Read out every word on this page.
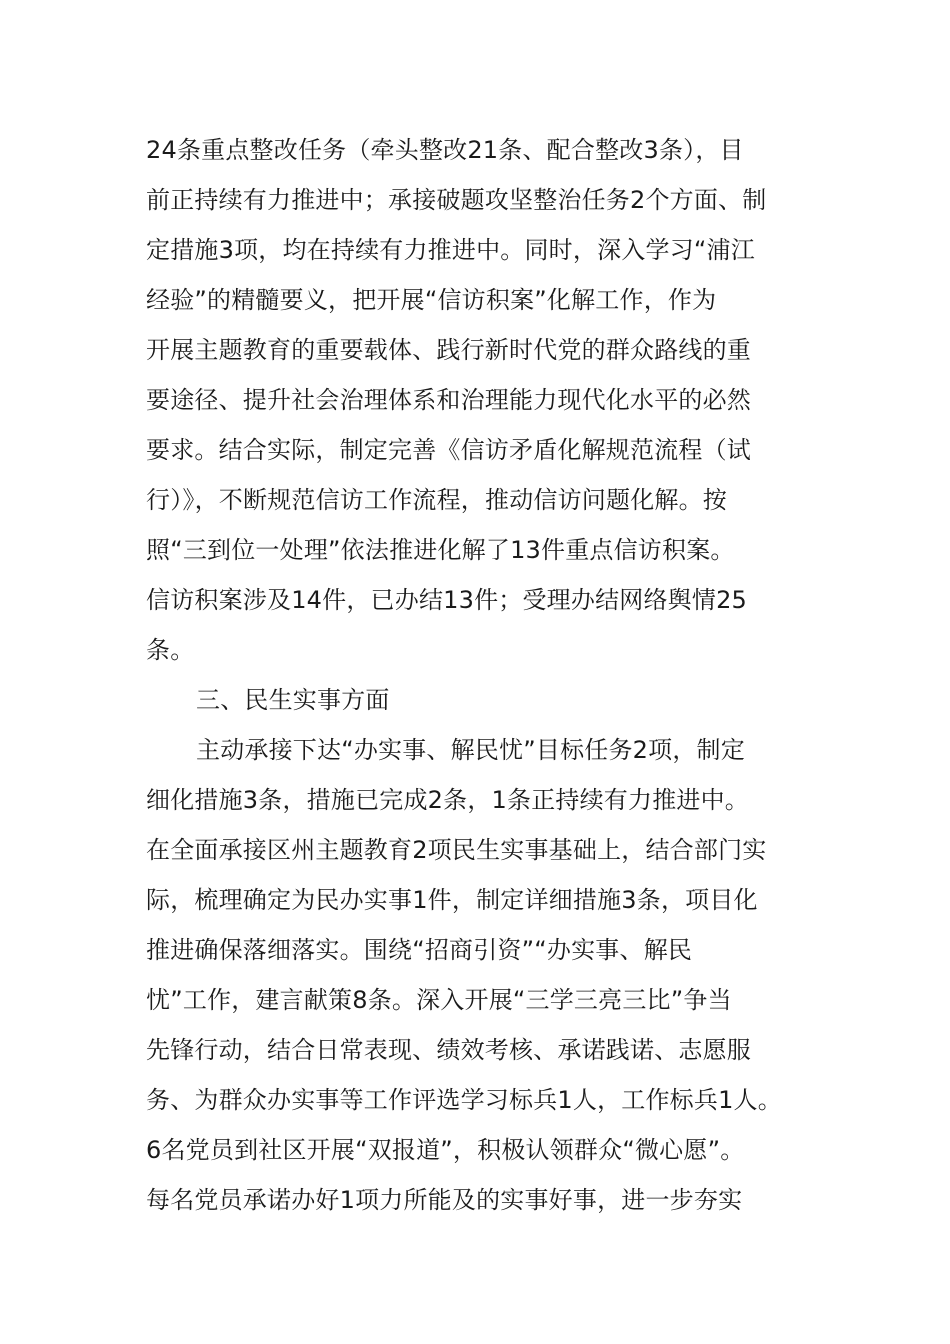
24条重点整改任务（牵头整改21条、配合整改3条），目
前正持续有力推进中；承接破题攻坚整治任务2个方面、制
定措施3项，均在持续有力推进中。同时，深入学习“浦江
经验”的精髓要义，把开展“信访积案”化解工作，作为
开展主题教育的重要载体、践行新时代党的群众路线的重
要途径、提升社会治理体系和治理能力现代化水平的必然
要求。结合实际，制定完善《信访矛盾化解规范流程（试
行）》，不断规范信访工作流程，推动信访问题化解。按
照“三到位一处理”依法推进化解了13件重点信访积案。
信访积案涉及14件，已办结13件；受理办结网络舆情25
条。
三、民生实事方面
主动承接下达“办实事、解民忧”目标任务2项，制定
细化措施3条，措施已完成2条，1条正持续有力推进中。
在全面承接区州主题教育2项民生实事基础上，结合部门实
际，梳理确定为民办实事1件，制定详细措施3条，项目化
推进确保落细落实。围绕“招商引资”“办实事、解民
忧”工作，建言献策8条。深入开展“三学三亮三比”争当
先锋行动，结合日常表现、绩效考核、承诺践诺、志愿服
务、为群众办实事等工作评选学习标兵1人，工作标兵1人。
6名党员到社区开展“双报道”，积极认领群众“微心愿”。
每名党员承诺办好1项力所能及的实事好事，进一步夯实
